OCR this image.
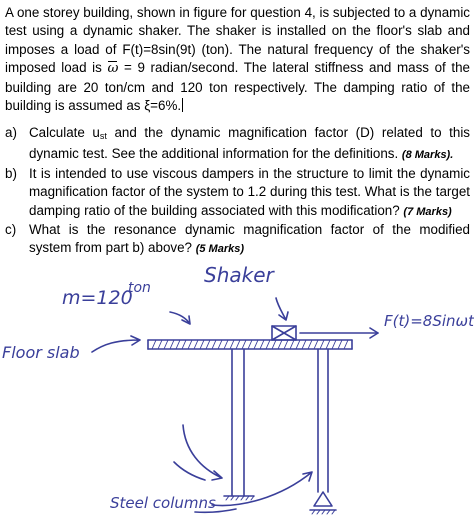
A one storey building, shown in figure for question 4, is subjected to a dynamic test using a dynamic shaker. The shaker is installed on the floor's slab and imposes a load of F(t)=8sin(9t) (ton). The natural frequency of the shaker's imposed load is
ω = 9 radian/second. The lateral stiffness and mass of the building are 20 ton/cm and 120 ton respectively. The damping ratio of the building is assumed as ξ=6%.
a) Calculate $u_{st}$ and the dynamic magnification factor (D) related to this dynamic test. See the additional information for the definitions. (8 Marks).
b) It is intended to use viscous dampers in the structure to limit the dynamic magnification factor of the system to 1.2 during this test. What is the target damping ratio of the building associated with this modification? (7 Marks)
c) What is the resonance dynamic magnification factor of the modified system from part b) above? (5 Marks)
Shaker
m=120
ton
F(t)=8Sinωt
Floor slab
Steel columns
